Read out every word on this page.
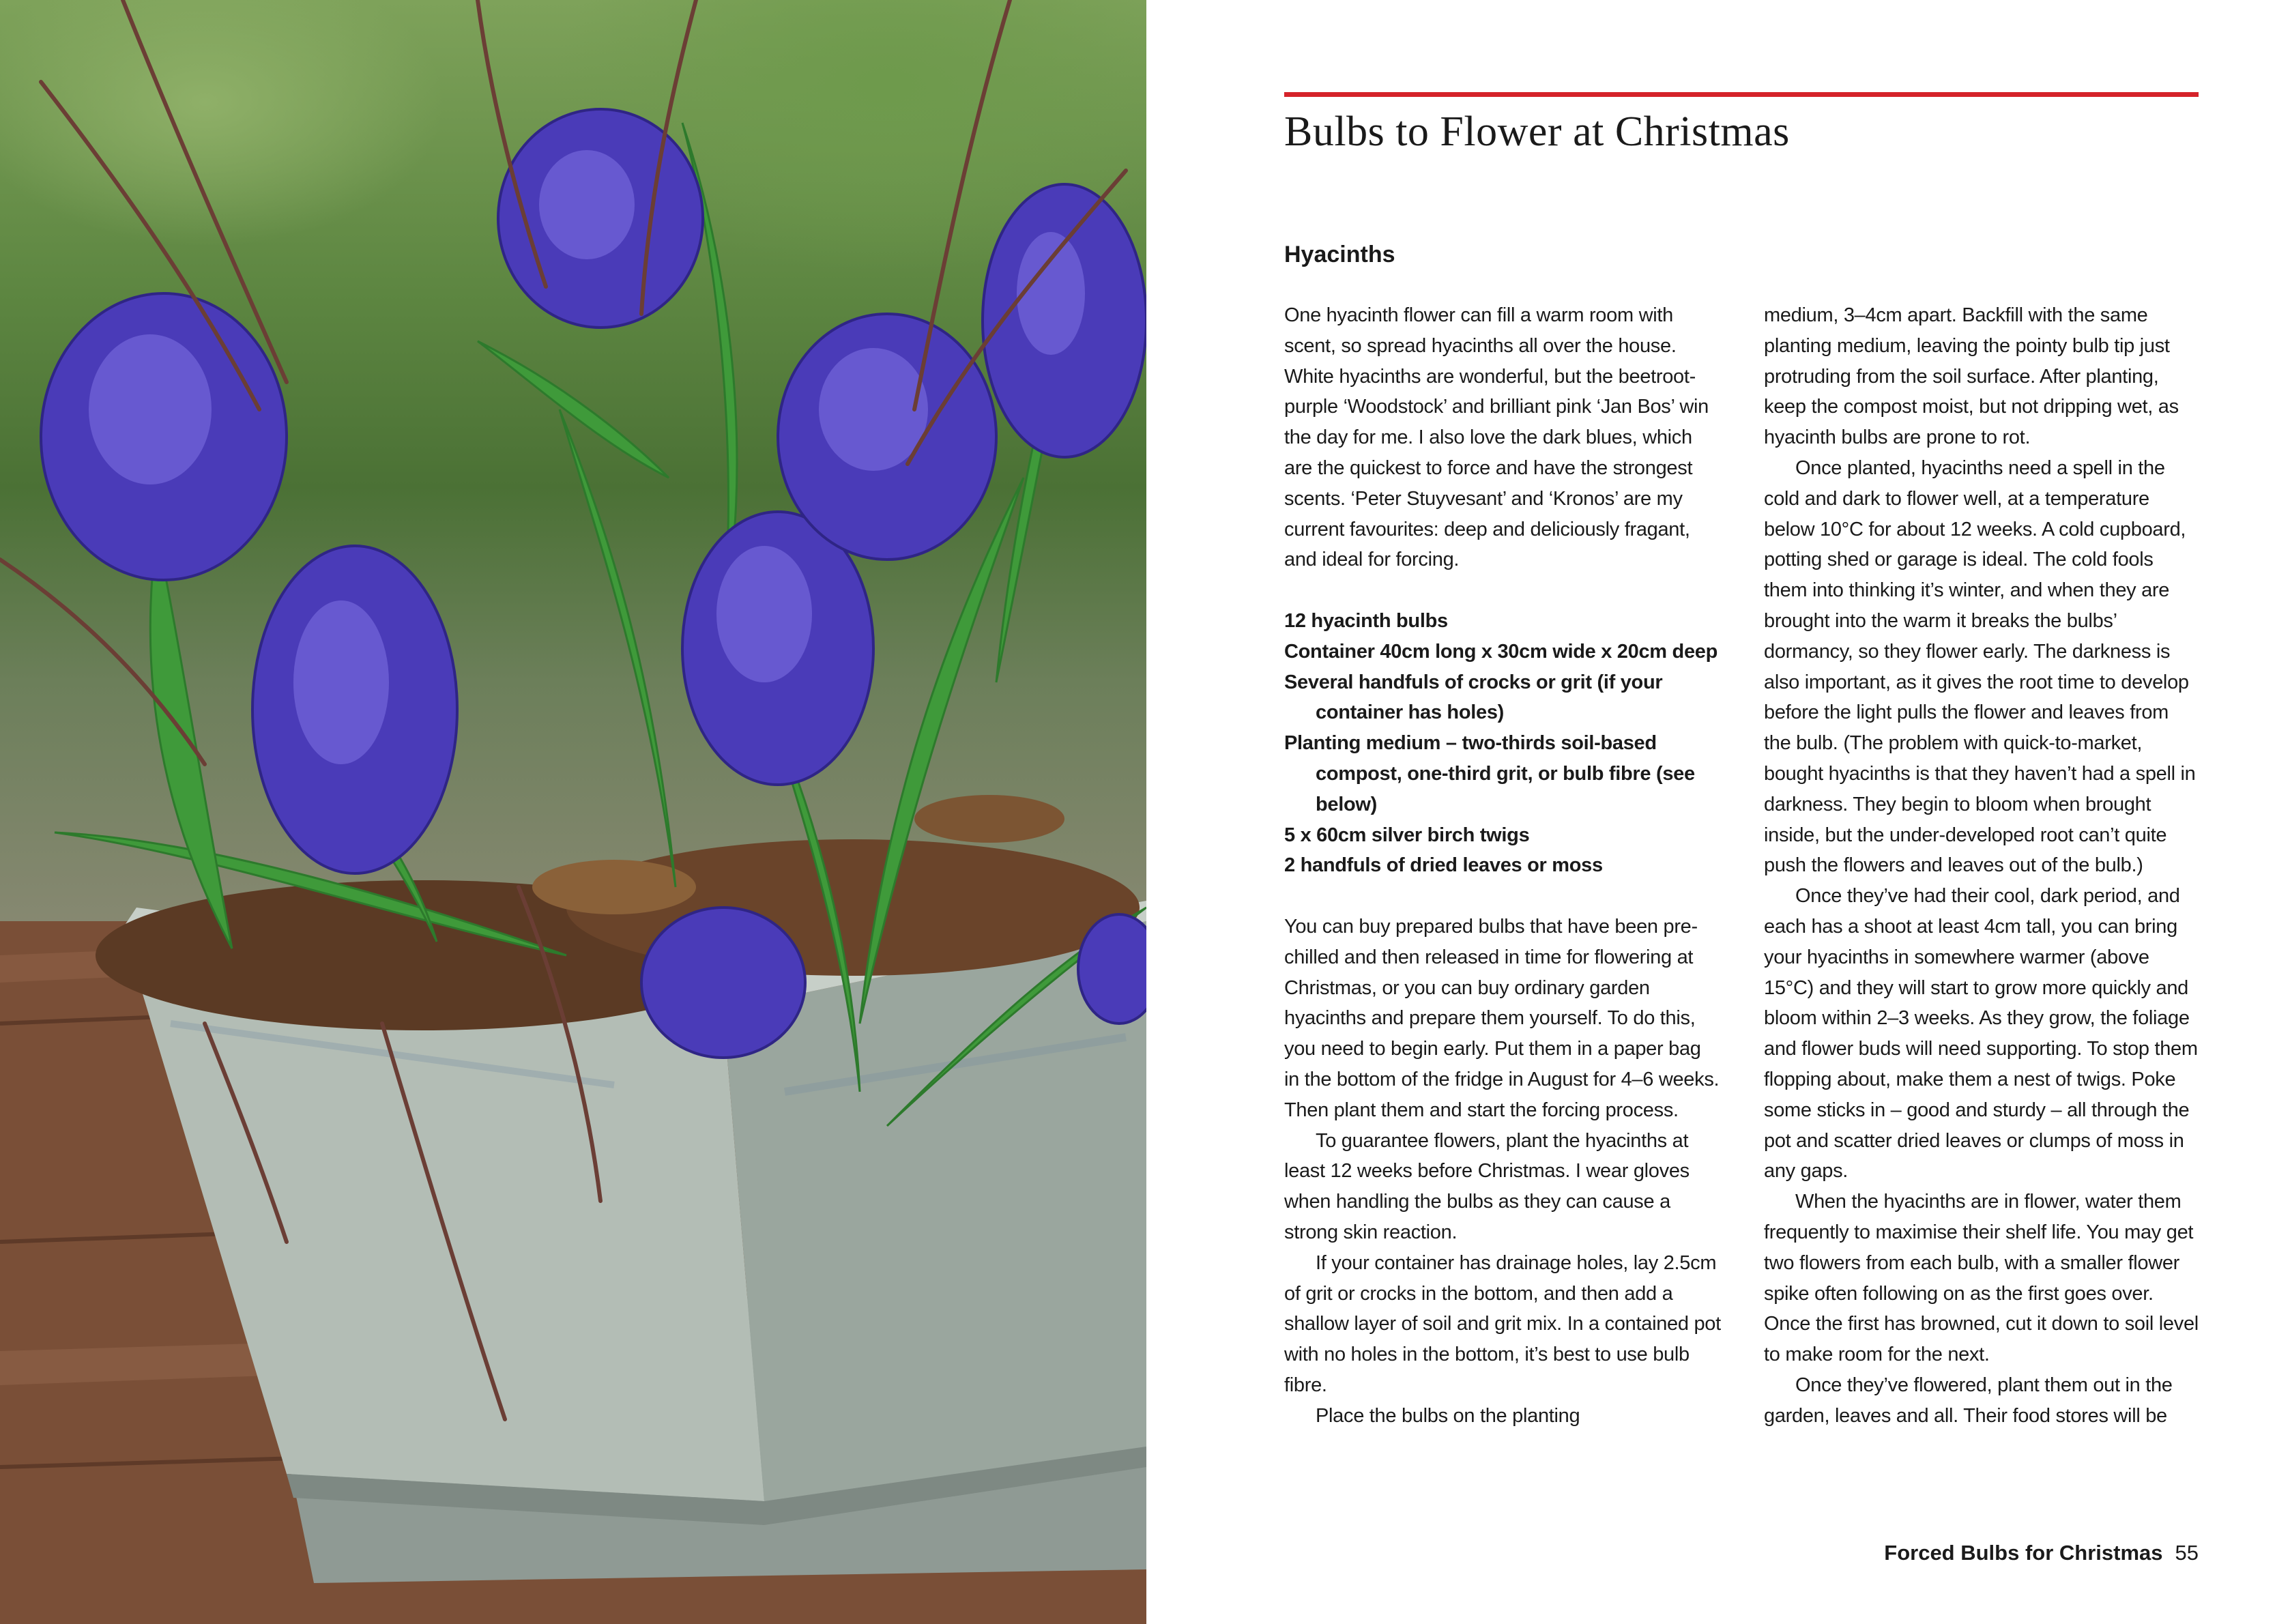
Bulbs to Flower at Christmas
Hyacinths

One hyacinth flower can fill a warm room with scent, so spread hyacinths all over the house. White hyacinths are wonderful, but the beetroot-purple ‘Woodstock’ and brilliant pink ‘Jan Bos’ win the day for me. I also love the dark blues, which are the quickest to force and have the strongest scents. ‘Peter Stuyvesant’ and ‘Kronos’ are my current favourites: deep and deliciously fragant, and ideal for forcing.

12 hyacinth bulbs
Container 40cm long x 30cm wide x 20cm deep
Several handfuls of crocks or grit (if your container has holes)
Planting medium – two-thirds soil-based compost, one-third grit, or bulb fibre (see below)
5 x 60cm silver birch twigs
2 handfuls of dried leaves or moss

You can buy prepared bulbs that have been pre-chilled and then released in time for flowering at Christmas, or you can buy ordinary garden hyacinths and prepare them yourself. To do this, you need to begin early. Put them in a paper bag in the bottom of the fridge in August for 4–6 weeks. Then plant them and start the forcing process.

To guarantee flowers, plant the hyacinths at least 12 weeks before Christmas. I wear gloves when handling the bulbs as they can cause a strong skin reaction.

If your container has drainage holes, lay 2.5cm of grit or crocks in the bottom, and then add a shallow layer of soil and grit mix. In a contained pot with no holes in the bottom, it’s best to use bulb fibre.

Place the bulbs on the planting

medium, 3–4cm apart. Backfill with the same planting medium, leaving the pointy bulb tip just protruding from the soil surface. After planting, keep the compost moist, but not dripping wet, as hyacinth bulbs are prone to rot.

Once planted, hyacinths need a spell in the cold and dark to flower well, at a temperature below 10°C for about 12 weeks. A cold cupboard, potting shed or garage is ideal. The cold fools them into thinking it’s winter, and when they are brought into the warm it breaks the bulbs’ dormancy, so they flower early. The darkness is also important, as it gives the root time to develop before the light pulls the flower and leaves from the bulb. (The problem with quick-to-market, bought hyacinths is that they haven’t had a spell in darkness. They begin to bloom when brought inside, but the under-developed root can’t quite push the flowers and leaves out of the bulb.)

Once they’ve had their cool, dark period, and each has a shoot at least 4cm tall, you can bring your hyacinths in somewhere warmer (above 15°C) and they will start to grow more quickly and bloom within 2–3 weeks. As they grow, the foliage and flower buds will need supporting. To stop them flopping about, make them a nest of twigs. Poke some sticks in – good and sturdy – all through the pot and scatter dried leaves or clumps of moss in any gaps.

When the hyacinths are in flower, water them frequently to maximise their shelf life. You may get two flowers from each bulb, with a smaller flower spike often following on as the first goes over. Once the first has browned, cut it down to soil level to make room for the next.

Once they’ve flowered, plant them out in the garden, leaves and all. Their food stores will be

Forced Bulbs for Christmas 55
